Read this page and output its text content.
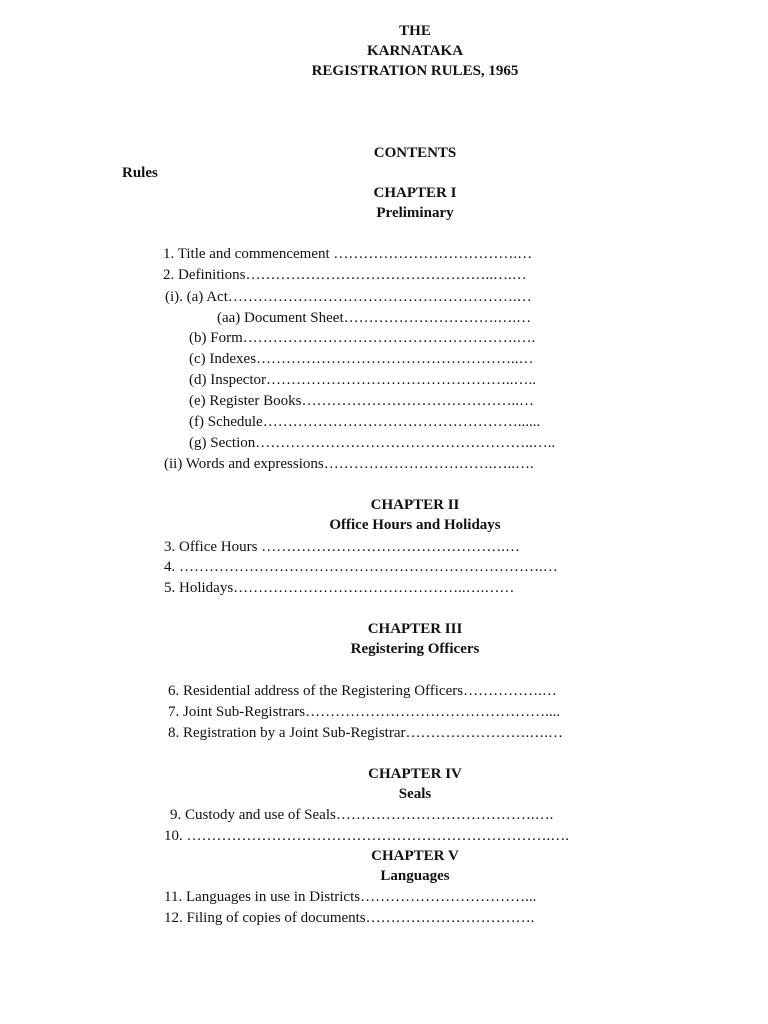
THE
KARNATAKA
REGISTRATION RULES, 1965
CONTENTS
Rules
CHAPTER I
Preliminary
1. Title and commencement ……………………………….…
2. Definitions…………………………………………..….…
(i). (a) Act………………………………………………….…
(aa) Document Sheet………………………….….…
(b) Form……………………………………………….….
(c) Indexes……………………………………………..…
(d) Inspector…………………………………………..…..
(e) Register Books……………………………………..…
(f) Schedule……………………………………………......
(g) Section………………………………………………..…..
(ii) Words and expressions…………………………….…..….
CHAPTER II
Office Hours and Holidays
3. Office Hours ………………………………………….…
4. ……………………………………………………………….…
5. Holidays………………………………………..….……
CHAPTER III
Registering Officers
6. Residential address of the Registering Officers…………….…
7. Joint Sub-Registrars…………………………………………....
8. Registration by a Joint Sub-Registrar…………………….….…
CHAPTER IV
Seals
9. Custody and use of Seals………………………………….….
10. ……………………………………………………………….….
CHAPTER V
Languages
11. Languages in use in Districts……………………………...
12. Filing of copies of documents…………………………….
